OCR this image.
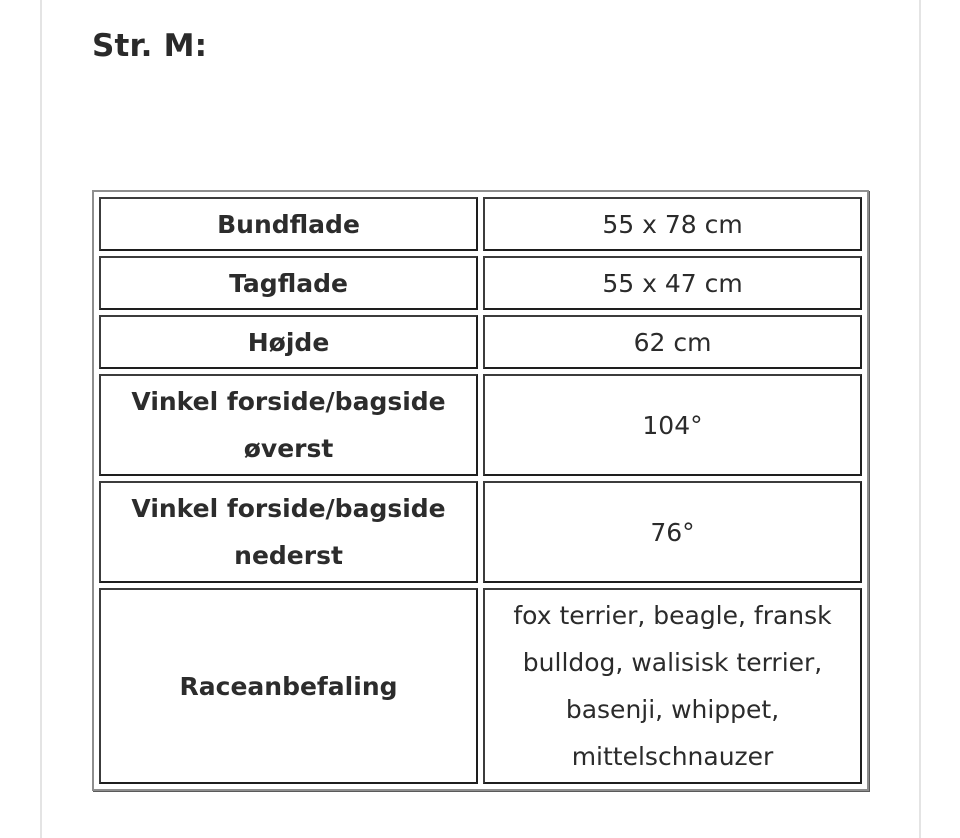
Str. M:
Bundflade	55 x 78 cm
Tagflade	55 x 47 cm
Højde	62 cm
Vinkel forside/bagside øverst	104°
Vinkel forside/bagside nederst	76°
Raceanbefaling	fox terrier, beagle, fransk bulldog, walisisk terrier, basenji, whippet, mittelschnauzer
